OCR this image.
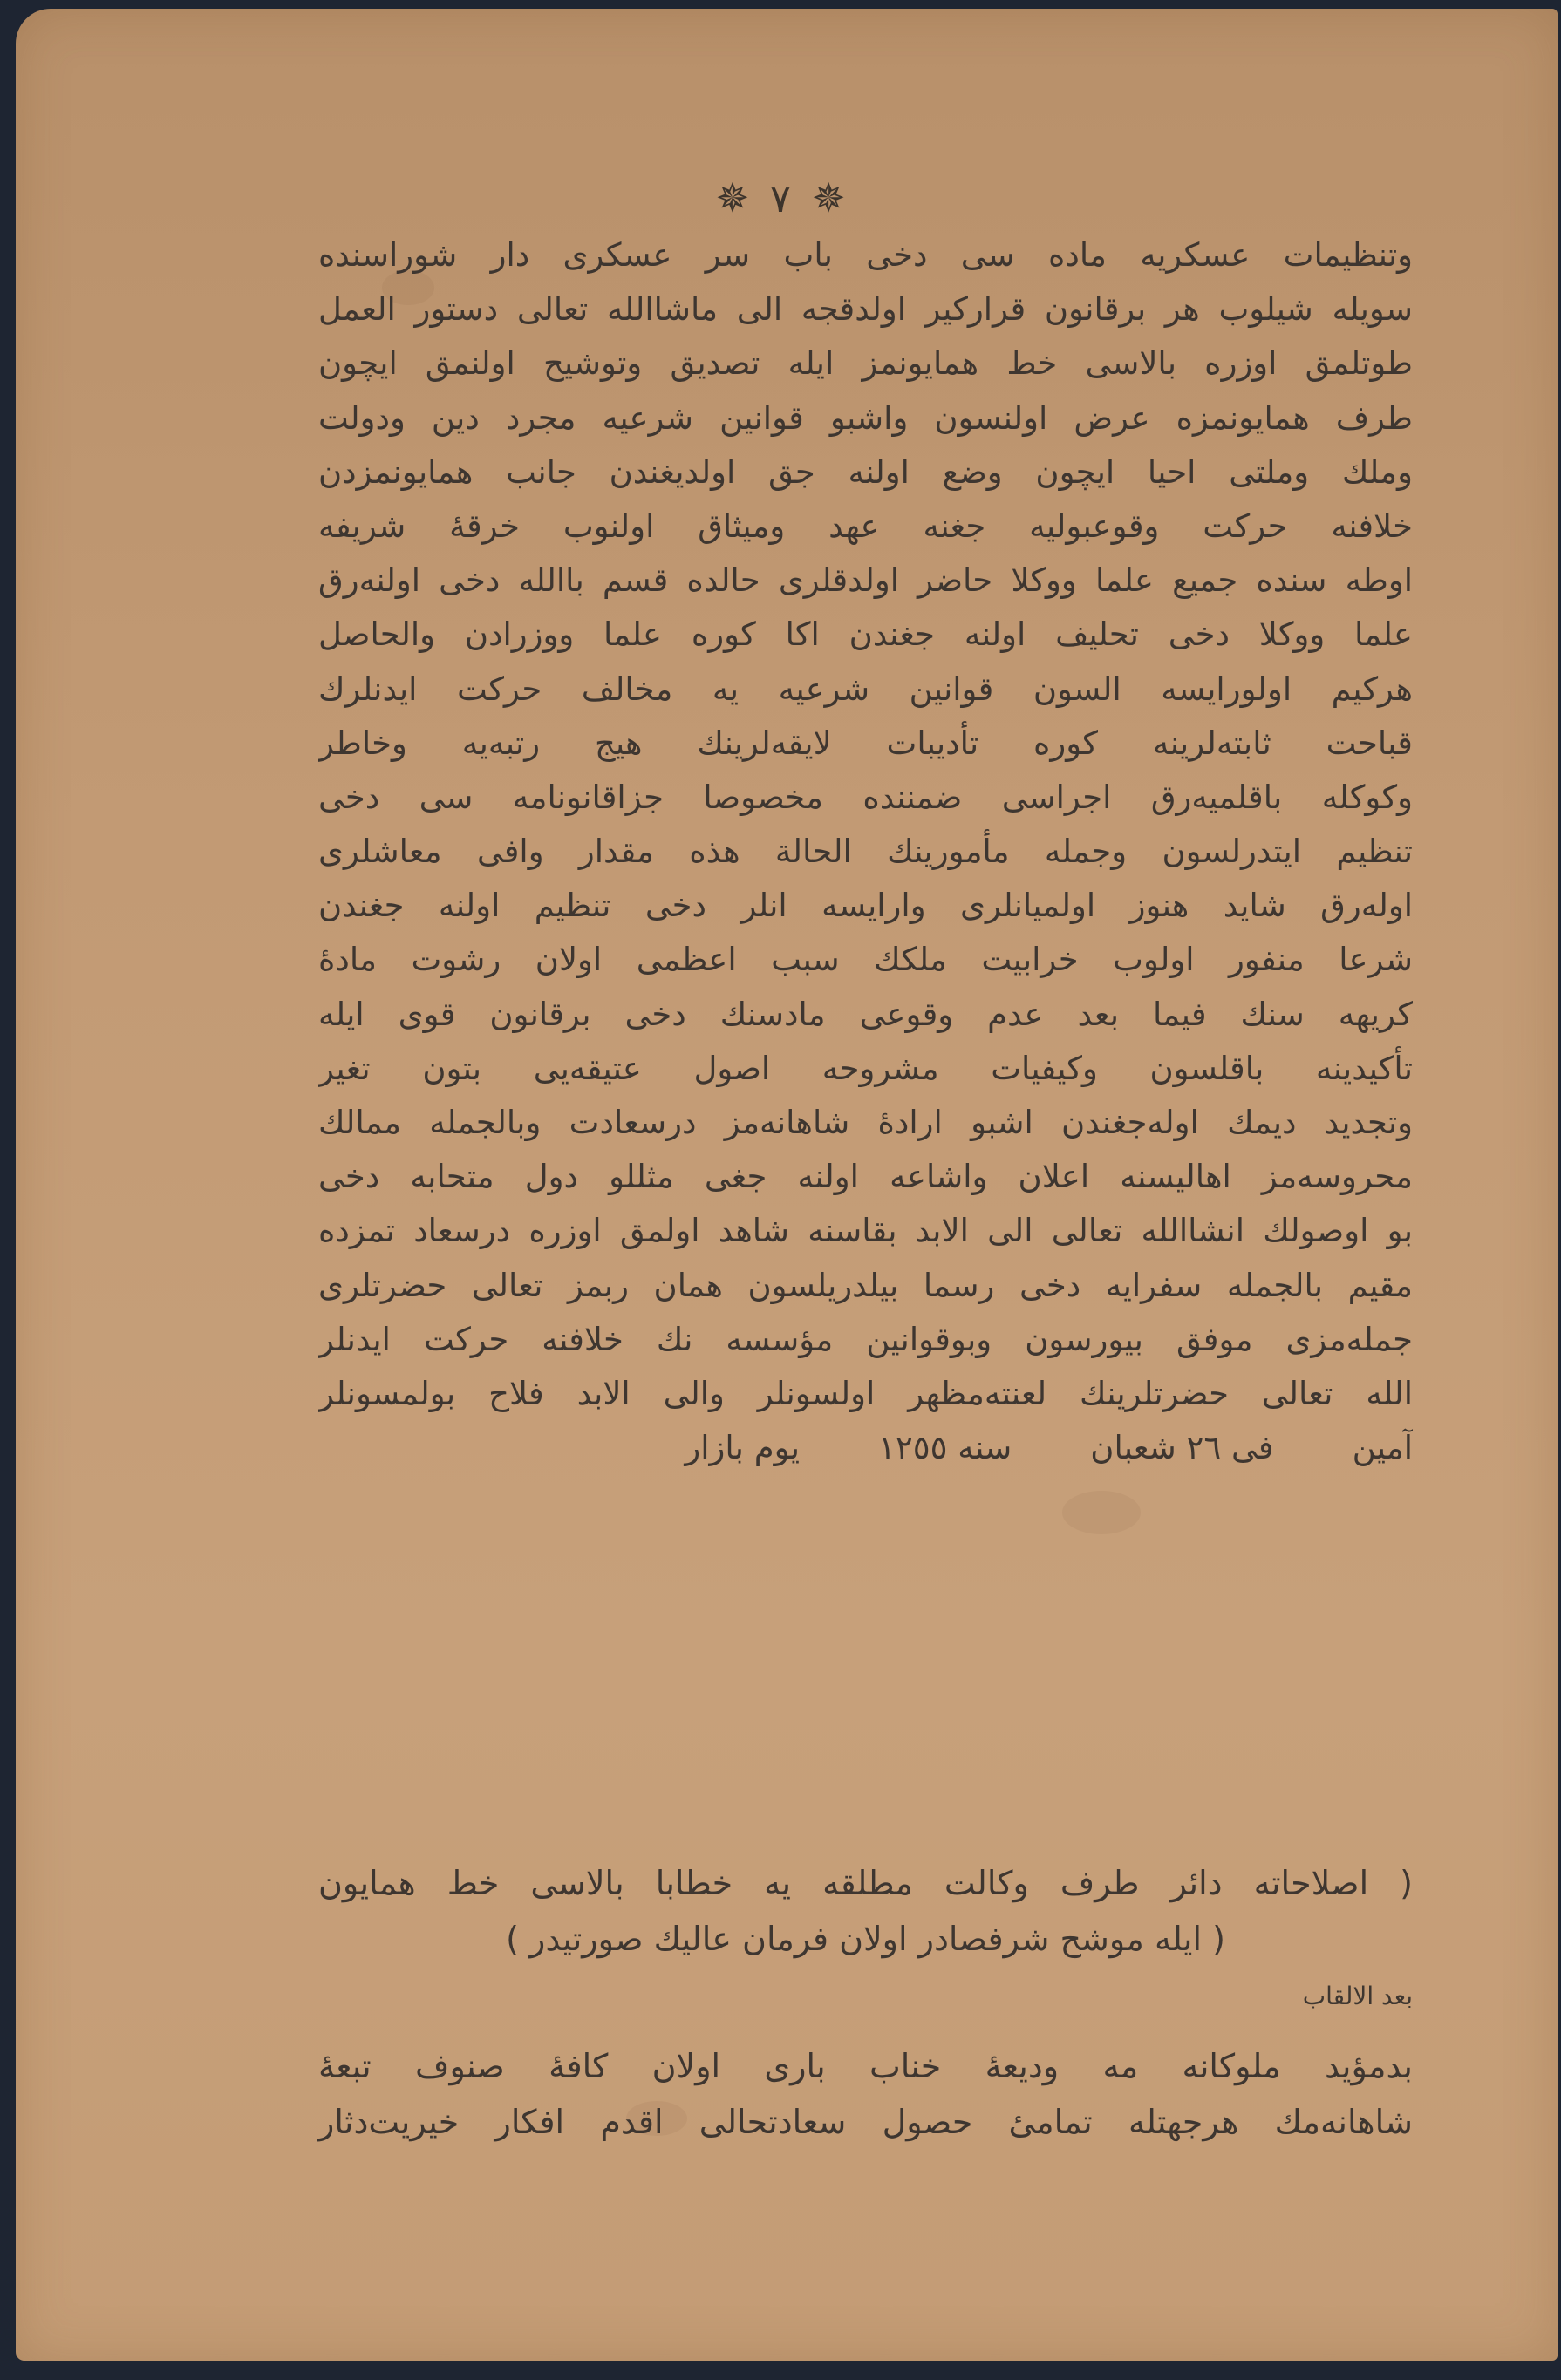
✵ ٧ ✵
وتنظيمات عسكريه ماده سى دخى باب سر عسكرى دار شوراسنده
سويله شيلوب هر برقانون قراركير اولدقجه الى ماشاالله تعالى دستور العمل
طوتلمق اوزره بالاسى خط همايونمز ايله تصديق وتوشيح اولنمق ايچون
طرف همايونمزه عرض اولنسون واشبو قوانين شرعيه مجرد دين ودولت
وملك وملتى احيا ايچون وضع اولنه جق اولديغندن جانب همايونمزدن
خلافنه حركت وقوعبوليه جغنه عهد وميثاق اولنوب خرقهٔ شريفه
اوطه سنده جميع علما ووكلا حاضر اولدقلرى حالده قسم باالله دخى اولنه‌رق
علما ووكلا دخى تحليف اولنه جغندن اكا كوره علما ووزرادن والحاصل
هركيم اولورايسه السون قوانين شرعيه يه مخالف حركت ايدنلرك
قباحت ثابته‌لرينه كوره تأديبات لايقه‌لرينك هيج رتبه‌يه وخاطر
وكوكله باقلميه‌رق اجراسى ضمننده مخصوصا جزاقانونامه سى دخى
تنظيم ايتدرلسون وجمله مأمورينك الحالة هذه مقدار وافى معاشلرى
اوله‌رق شايد هنوز اولميانلرى وارايسه انلر دخى تنظيم اولنه جغندن
شرعا منفور اولوب خرابيت ملكك سبب اعظمى اولان رشوت مادهٔ
كريهه سنك فيما بعد عدم وقوعى مادسنك دخى برقانون قوى ايله
تأكيدينه باقلسون وكيفيات مشروحه اصول عتيقه‌يى بتون تغير
وتجديد ديمك اوله‌جغندن اشبو ارادهٔ شاهانه‌مز درسعادت وبالجمله ممالك
محروسه‌مز اهاليسنه اعلان واشاعه اولنه جغى مثللو دول متحابه دخى
بو اوصولك انشاالله تعالى الى الابد بقاسنه شاهد اولمق اوزره درسعاد تمزده
مقيم بالجمله سفرايه دخى رسما بيلدريلسون همان ربمز تعالى حضرتلرى
جمله‌مزى موفق بيورسون وبوقوانين مؤسسه نك خلافنه حركت ايدنلر
الله تعالى حضرتلرينك لعنته‌مظهر اولسونلر والى الابد فلاح بولمسونلر
آمين
فى ٢٦ شعبان
سنه ١٢٥٥
يوم بازار
( اصلاحاته دائر طرف وكالت مطلقه يه خطابا بالاسى خط همايون
( ايله موشح شرفصادر اولان فرمان عاليك صورتيدر )
بعد الالقاب
بدمؤيد ملوكانه مه وديعهٔ خناب بارى اولان كافهٔ صنوف تبعهٔ
شاهانه‌مك هرجهتله تمامىٔ حصول سعادتحالى اقدم افكار خيريت‌دثار
